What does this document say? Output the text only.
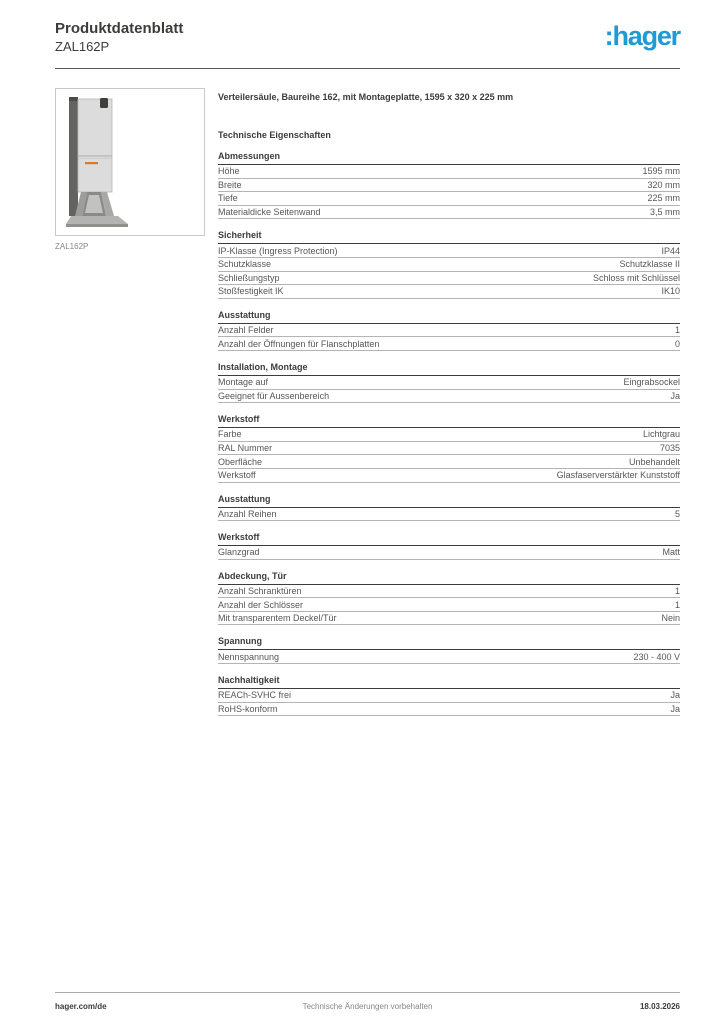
Produktdatenblatt
ZAL162P	:hager
ZAL162P
Verteilersäule, Baureihe 162, mit Montageplatte, 1595 x 320 x 225 mm
Technische Eigenschaften
Abmessungen
Höhe	1595 mm
Breite	320 mm
Tiefe	225 mm
Materialdicke Seitenwand	3,5 mm
Sicherheit
IP-Klasse (Ingress Protection)	IP44
Schutzklasse	Schutzklasse II
Schließungstyp	Schloss mit Schlüssel
Stoßfestigkeit IK	IK10
Ausstattung
Anzahl Felder	1
Anzahl der Öffnungen für Flanschplatten	0
Installation, Montage
Montage auf	Eingrabsockel
Geeignet für Aussenbereich	Ja
Werkstoff
Farbe	Lichtgrau
RAL Nummer	7035
Oberfläche	Unbehandelt
Werkstoff	Glasfaserverstärkter Kunststoff
Ausstattung
Anzahl Reihen	5
Werkstoff
Glanzgrad	Matt
Abdeckung, Tür
Anzahl Schranktüren	1
Anzahl der Schlösser	1
Mit transparentem Deckel/Tür	Nein
Spannung
Nennspannung	230 - 400 V
Nachhaltigkeit
REACh-SVHC frei	Ja
RoHS-konform	Ja
hager.com/de	Technische Änderungen vorbehalten	18.03.2026
